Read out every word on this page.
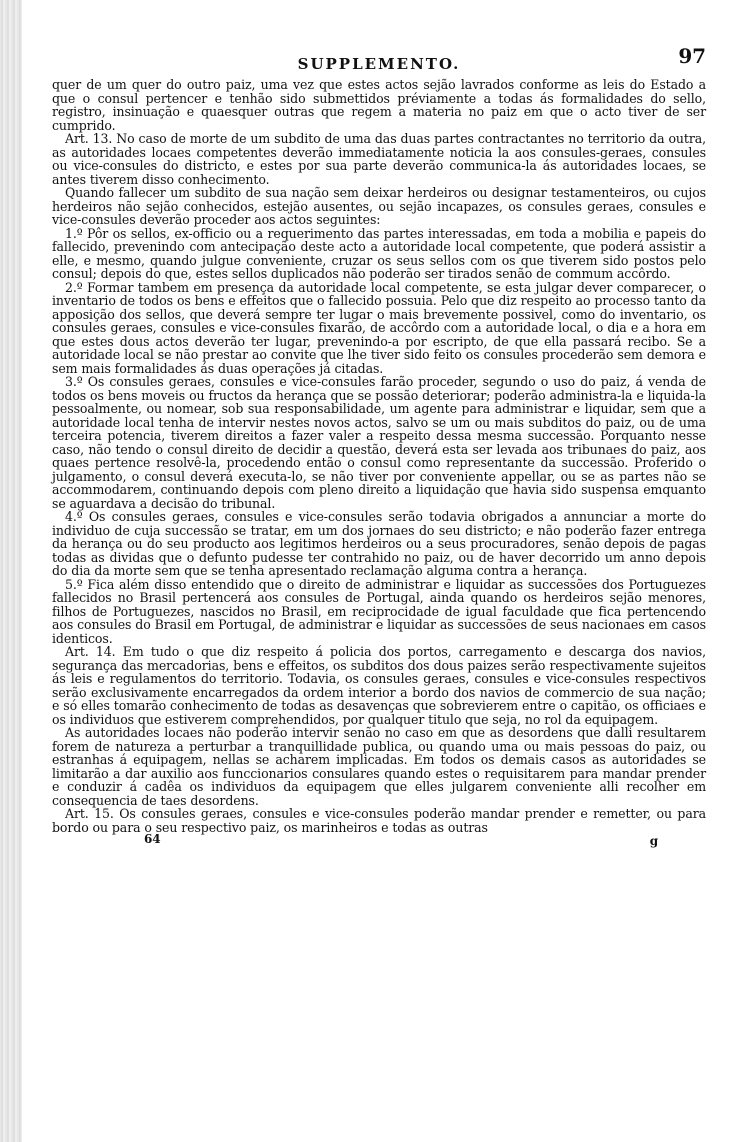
SUPPLEMENTO.	97

quer de um quer do outro paiz, uma vez que estes actos sejão lavrados conforme as leis do Estado a que o consul pertencer e tenhão sido submettidos préviamente a todas ás formalidades do sello, registro, insinuação e quaesquer outras que regem a materia no paiz em que o acto tiver de ser cumprido.

Art. 13. No caso de morte de um subdito de uma das duas partes contractantes no territorio da outra, as autoridades locaes competentes deverão immediatamente noticia la aos consules-geraes, consules ou vice-consules do districto, e estes por sua parte deverão communica-la ás autoridades locaes, se antes tiverem disso conhecimento.

Quando fallecer um subdito de sua nação sem deixar herdeiros ou designar testamenteiros, ou cujos herdeiros não sejão conhecidos, estejão ausentes, ou sejão incapazes, os consules geraes, consules e vice-consules deverão proceder aos actos seguintes:

1.º Pôr os sellos, ex-officio ou a requerimento das partes interessadas, em toda a mobilia e papeis do fallecido, prevenindo com antecipação deste acto a autoridade local competente, que poderá assistir a elle, e mesmo, quando julgue conveniente, cruzar os seus sellos com os que tiverem sido postos pelo consul; depois do que, estes sellos duplicados não poderão ser tirados senão de commum accôrdo.

2.º Formar tambem em presença da autoridade local competente, se esta julgar dever comparecer, o inventario de todos os bens e effeitos que o fallecido possuia. Pelo que diz respeito ao processo tanto da apposição dos sellos, que deverá sempre ter lugar o mais brevemente possivel, como do inventario, os consules geraes, consules e vice-consules fixarão, de accôrdo com a autoridade local, o dia e a hora em que estes dous actos deverão ter lugar, prevenindo-a por escripto, de que ella passará recibo. Se a autoridade local se não prestar ao convite que lhe tiver sido feito os consules procederão sem demora e sem mais formalidades ás duas operações já citadas.

3.º Os consules geraes, consules e vice-consules farão proceder, segundo o uso do paiz, á venda de todos os bens moveis ou fructos da herança que se possão deteriorar; poderão administra-la e liquida-la pessoalmente, ou nomear, sob sua responsabilidade, um agente para administrar e liquidar, sem que a autoridade local tenha de intervir nestes novos actos, salvo se um ou mais subditos do paiz, ou de uma terceira potencia, tiverem direitos a fazer valer a respeito dessa mesma successão. Porquanto nesse caso, não tendo o consul direito de decidir a questão, deverá esta ser levada aos tribunaes do paiz, aos quaes pertence resolvê-la, procedendo então o consul como representante da successão. Proferido o julgamento, o consul deverá executa-lo, se não tiver por conveniente appellar, ou se as partes não se accommodarem, continuando depois com pleno direito a liquidação que havia sido suspensa emquanto se aguardava a decisão do tribunal.

4.º Os consules geraes, consules e vice-consules serão todavia obrigados a annunciar a morte do individuo de cuja successão se tratar, em um dos jornaes do seu districto; e não poderão fazer entrega da herança ou do seu producto aos legitimos herdeiros ou a seus procuradores, senão depois de pagas todas as dividas que o defunto pudesse ter contrahido no paiz, ou de haver decorrido um anno depois do dia da morte sem que se tenha apresentado reclamação alguma contra a herança.

5.º Fica além disso entendido que o direito de administrar e liquidar as successões dos Portuguezes fallecidos no Brasil pertencerá aos consules de Portugal, ainda quando os herdeiros sejão menores, filhos de Portuguezes, nascidos no Brasil, em reciprocidade de igual faculdade que fica pertencendo aos consules do Brasil em Portugal, de administrar e liquidar as successões de seus nacionaes em casos identicos.

Art. 14. Em tudo o que diz respeito á policia dos portos, carregamento e descarga dos navios, segurança das mercadorias, bens e effeitos, os subditos dos dous paizes serão respectivamente sujeitos ás leis e regulamentos do territorio. Todavia, os consules geraes, consules e vice-consules respectivos serão exclusivamente encarregados da ordem interior a bordo dos navios de commercio de sua nação; e só elles tomarão conhecimento de todas as desavenças que sobrevierem entre o capitão, os officiaes e os individuos que estiverem comprehendidos, por qualquer titulo que seja, no rol da equipagem.

As autoridades locaes não poderão intervir senão no caso em que as desordens que dalli resultarem forem de natureza a perturbar a tranquillidade publica, ou quando uma ou mais pessoas do paiz, ou estranhas á equipagem, nellas se acharem implicadas. Em todos os demais casos as autoridades se limitarão a dar auxilio aos funccionarios consulares quando estes o requisitarem para mandar prender e conduzir á cadêa os individuos da equipagem que elles julgarem conveniente alli recolher em consequencia de taes desordens.

Art. 15. Os consules geraes, consules e vice-consules poderão mandar prender e remetter, ou para bordo ou para o seu respectivo paiz, os marinheiros e todas as outras

64	g
